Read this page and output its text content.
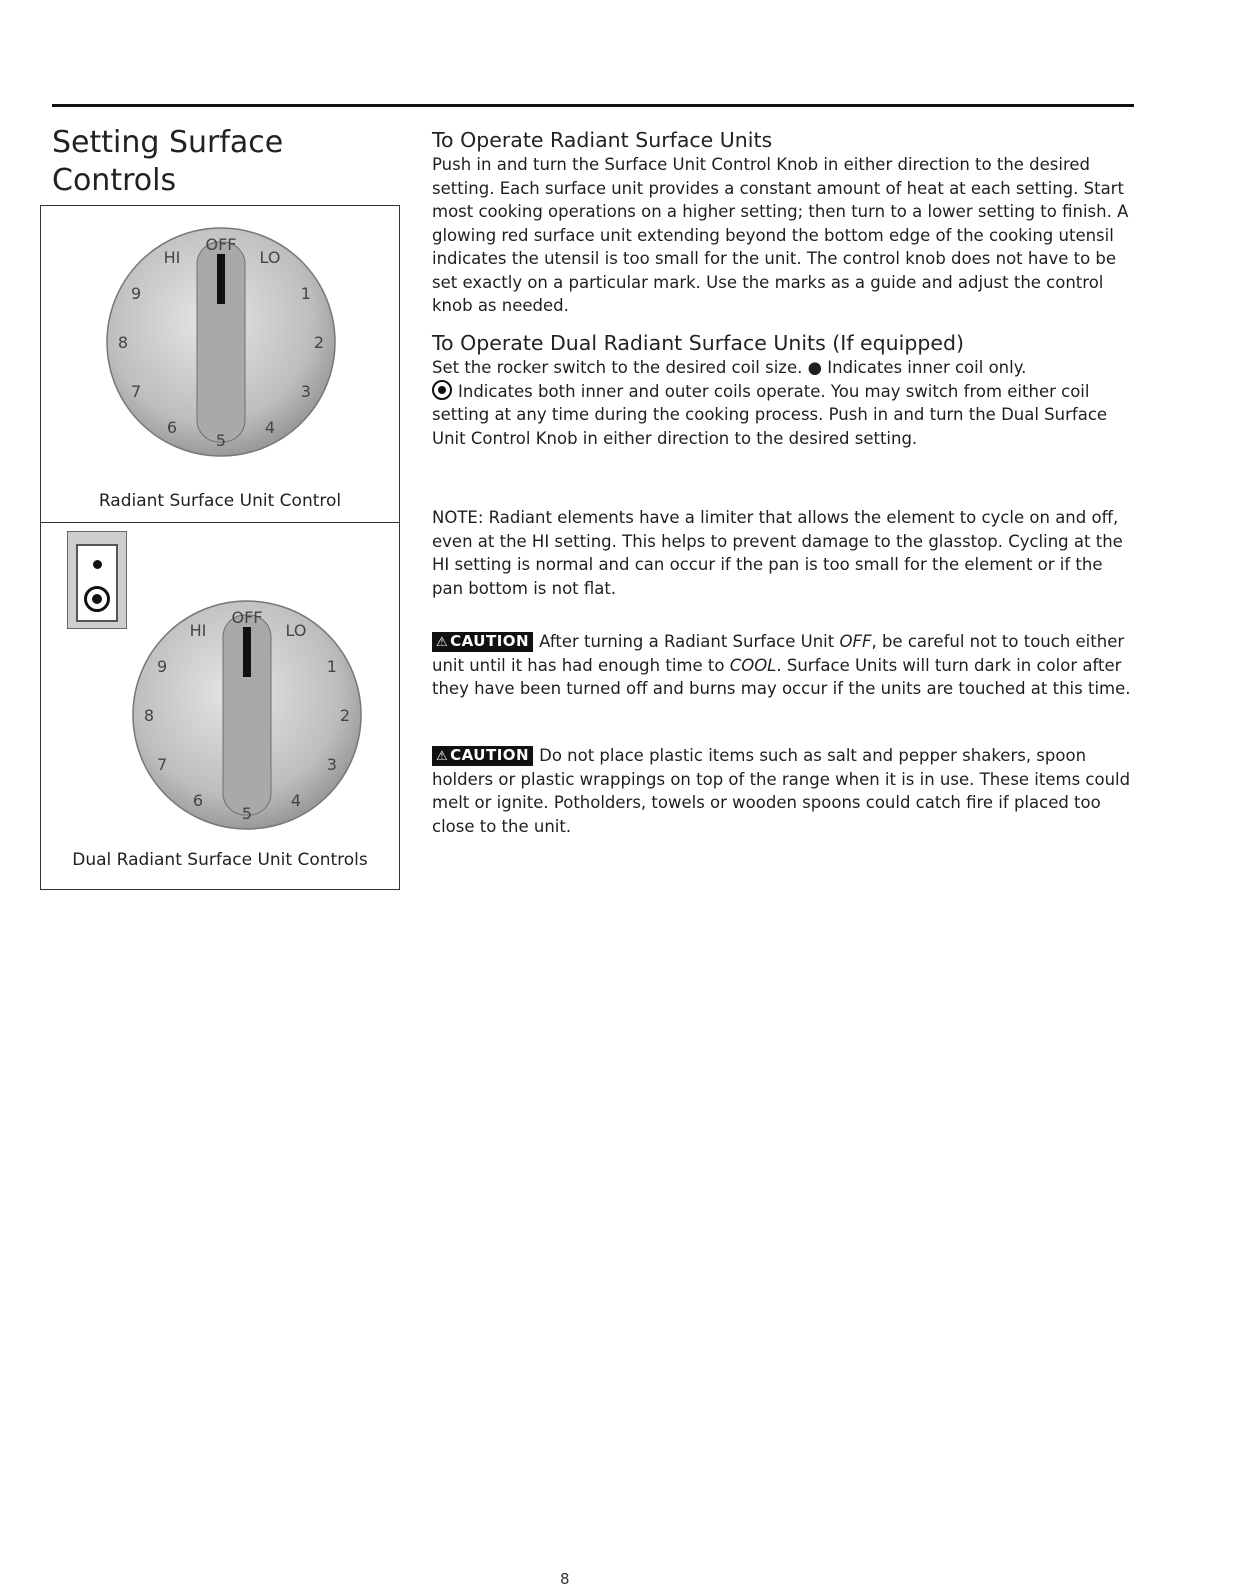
Setting Surface Controls
OFF
LO
1
2
3
4
5
6
7
8
9
HI
Radiant Surface Unit Control
OFF
LO
1
2
3
4
5
6
7
8
9
HI
Dual Radiant Surface Unit Controls
To Operate Radiant Surface Units

Push in and turn the Surface Unit Control Knob in either direction to the desired setting. Each surface unit provides a constant amount of heat at each setting. Start most cooking operations on a higher setting; then turn to a lower setting to finish. A glowing red surface unit extending beyond the bottom edge of the cooking utensil indicates the utensil is too small for the unit. The control knob does not have to be set exactly on a particular mark. Use the marks as a guide and adjust the control knob as needed.

To Operate Dual Radiant Surface Units (If equipped)

Set the rocker switch to the desired coil size. ● Indicates inner coil only.
Indicates both inner and outer coils operate. You may switch from either coil setting at any time during the cooking process. Push in and turn the Dual Surface Unit Control Knob in either direction to the desired setting.

NOTE: Radiant elements have a limiter that allows the element to cycle on and off, even at the HI setting. This helps to prevent damage to the glasstop. Cycling at the HI setting is normal and can occur if the pan is too small for the element or if the pan bottom is not flat.

⚠ CAUTION After turning a Radiant Surface Unit OFF, be careful not to touch either unit until it has had enough time to COOL. Surface Units will turn dark in color after they have been turned off and burns may occur if the units are touched at this time.

⚠ CAUTION Do not place plastic items such as salt and pepper shakers, spoon holders or plastic wrappings on top of the range when it is in use. These items could melt or ignite. Potholders, towels or wooden spoons could catch fire if placed too close to the unit.

8
